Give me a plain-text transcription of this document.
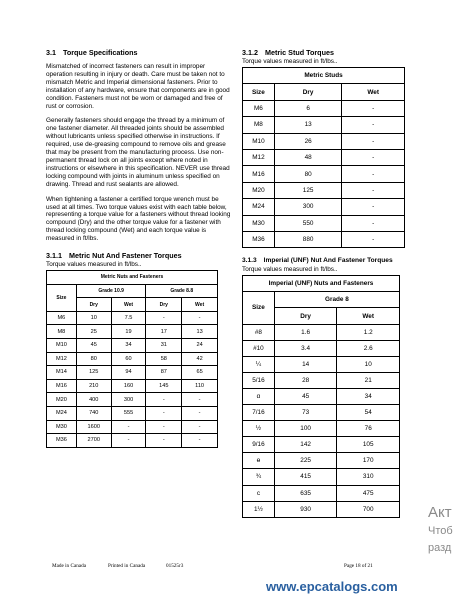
3.1 Torque Specifications

Mismatched of incorrect fasteners can result in improper operation resulting in injury or death. Care must be taken not to mismatch Metric and Imperial dimensional fasteners. Prior to installation of any hardware, ensure that components are in good condition. Fasteners must not be worn or damaged and free of rust or corrosion.

Generally fasteners should engage the thread by a minimum of one fastener diameter. All threaded joints should be assembled without lubricants unless specified otherwise in instructions. If required, use de-greasing compound to remove oils and grease that may be present from the manufacturing process. Use non-permanent thread lock on all joints except where noted in instructions or elsewhere in this specification. NEVER use thread locking compound with joints in aluminum unless specified on drawing. Thread and rust sealants are allowed.

When tightening a fastener a certified torque wrench must be used at all times. Two torque values exist with each table below, representing a torque value for a fasteners without thread looking compound (Dry) and the other torque value for a fastener with thread locking compound (Wet) and each torque value is measured in ft/lbs.

3.1.1 Metric Nut And Fastener Torques
Torque values measured in ft/lbs..
Metric Nuts and Fasteners				
Size	Grade 10.9		Grade 8.8	
	Dry	Wet	Dry	Wet
M6	10	7.5	-	-
M8	25	19	17	13
M10	45	34	31	24
M12	80	60	58	42
M14	125	94	87	65
M16	210	160	145	110
M20	400	300	-	-
M24	740	555	-	-
M30	1600	-	-	-
M36	2700	-	-	-
3.1.2 Metric Stud Torques
Torque values measured in ft/lbs..
Metric Studs		
Size	Dry	Wet
M6	6	-
M8	13	-
M10	26	-
M12	48	-
M16	80	-
M20	125	-
M24	300	-
M30	550	-
M36	880	-
3.1.3 Imperial (UNF) Nut And Fastener Torques
Torque values measured in ft/lbs..
Imperial (UNF) Nuts and Fasteners		
Size	Grade 8	
	Dry	Wet
#8	1.6	1.2
#10	3.4	2.6
¼	14	10
5/16	28	21
ɑ	45	34
7/16	73	54
½	100	76
9/16	142	105
ɵ	225	170
¾	415	310
c	635	475
1½	930	700
Made in Canada	Printed in Canada	01525r3	Page 18 of 21
www.epcatalogs.com
Акт
Чтоб
разд
